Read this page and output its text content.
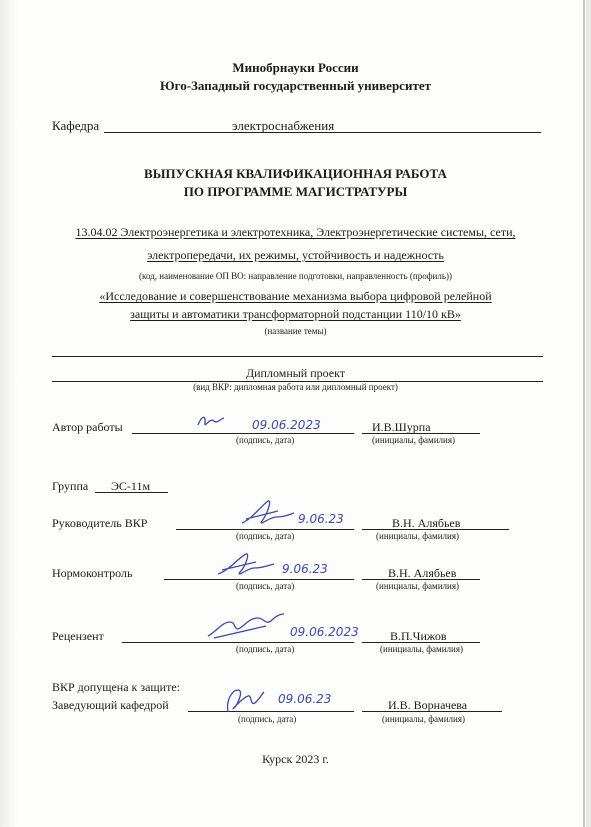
Минобрнауки России
Юго-Западный государственный университет
Кафедра	электроснабжения
ВЫПУСКНАЯ КВАЛИФИКАЦИОННАЯ РАБОТА
ПО ПРОГРАММЕ МАГИСТРАТУРЫ
13.04.02 Электроэнергетика и электротехника, Электроэнергетические системы, сети,
электропередачи, их режимы, устойчивость и надежность
(код, наименование ОП ВО: направление подготовки, направленность (профиль))
«Исследование и совершенствование механизма выбора цифровой релейной
защиты и автоматики трансформаторной подстанции 110/10 кВ»
(название темы)
Дипломный проект
(вид ВКР: дипломная работа или дипломный проект)
Автор работы	09.06.2023	И.В.Шурпа
(подпись, дата)	(инициалы, фамилия)
Группа ЭС-11м
Руководитель ВКР	9.06.23	В.Н. Алябьев
(подпись, дата)	(инициалы, фамилия)
Нормоконтроль	9.06.23	В.Н. Алябьев
(подпись, дата)	(инициалы, фамилия)
Рецензент	09.06.2023	В.П.Чижов
(подпись, дата)	(инициалы, фамилия)
ВКР допущена к защите:
Заведующий кафедрой	09.06.23	И.В. Ворначева
(подпись, дата)	(инициалы, фамилия)
Курск 2023 г.
